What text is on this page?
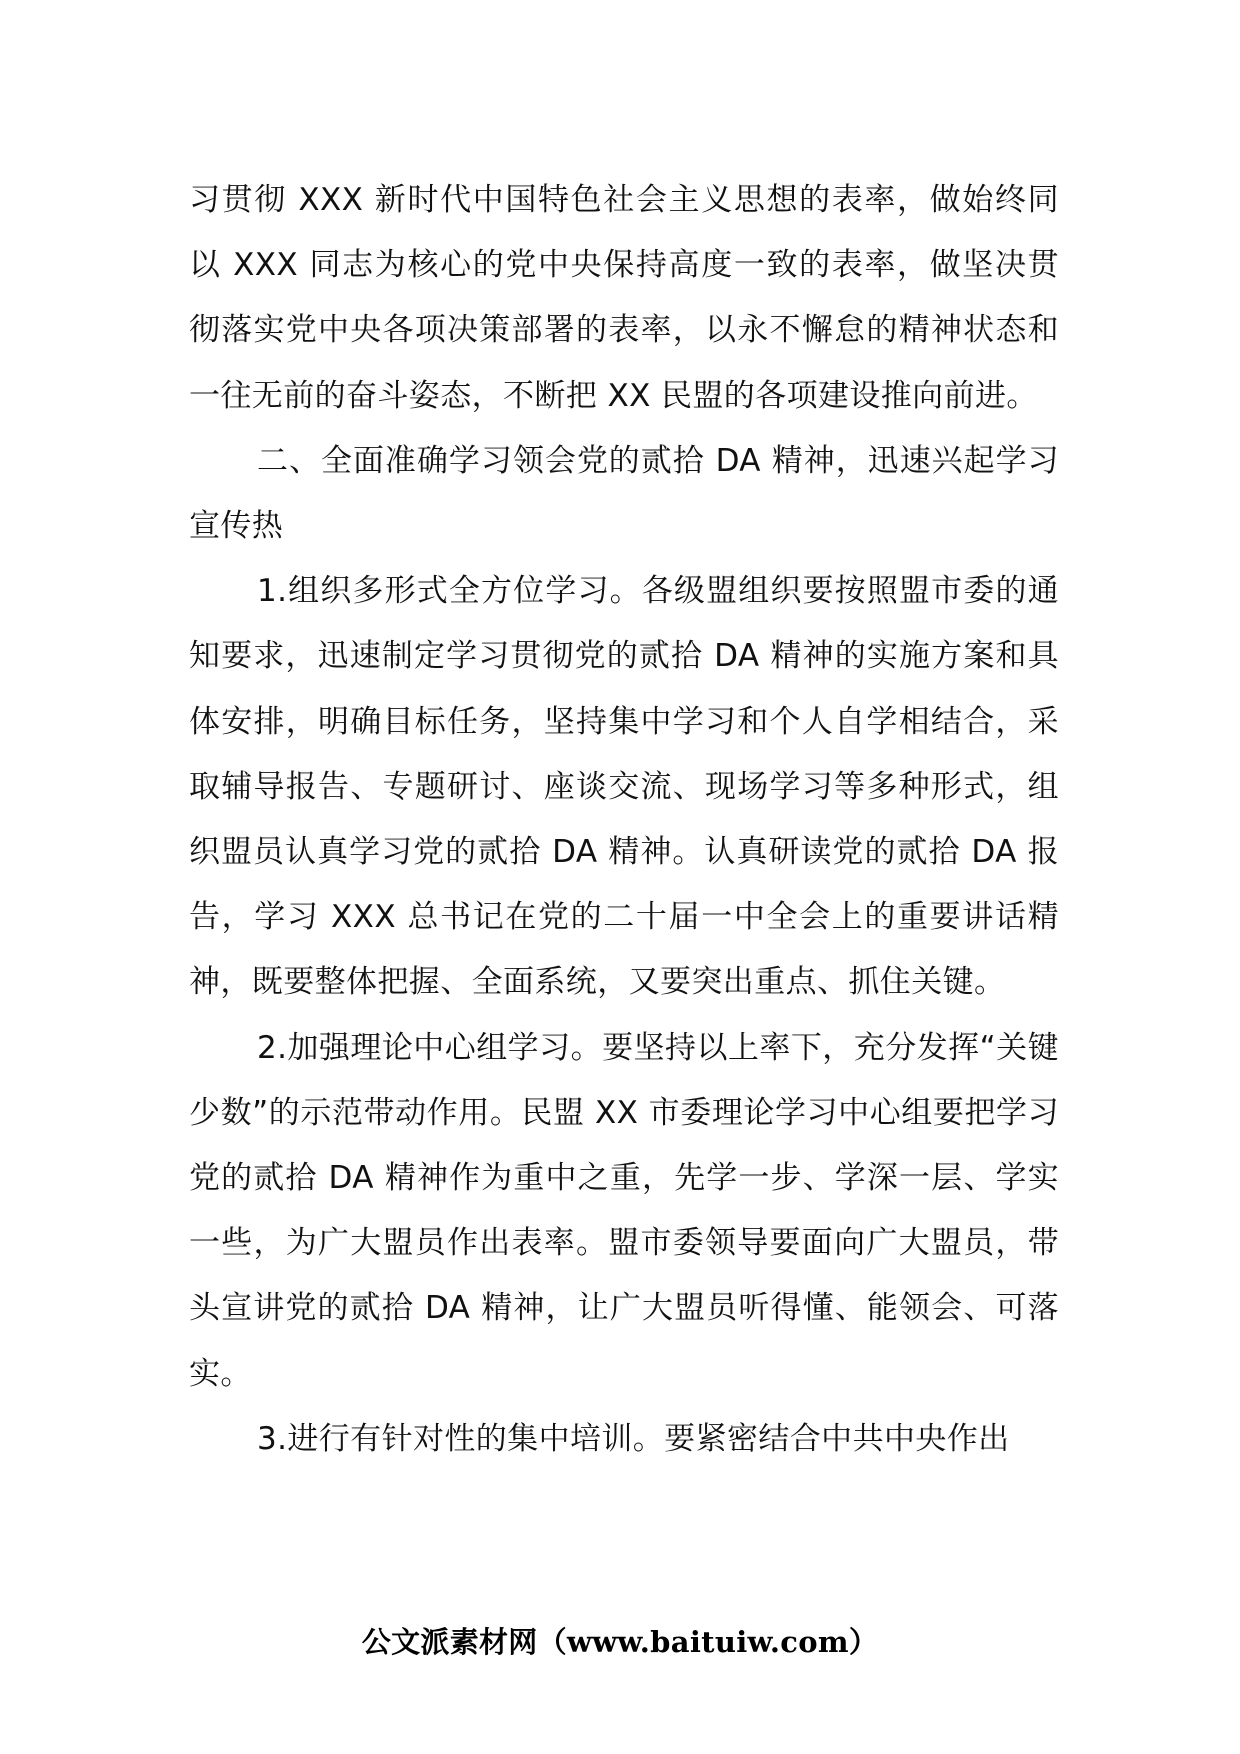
习贯彻 XXX 新时代中国特色社会主义思想的表率，做始终同以 XXX 同志为核心的党中央保持高度一致的表率，做坚决贯彻落实党中央各项决策部署的表率，以永不懈怠的精神状态和一往无前的奋斗姿态，不断把 XX 民盟的各项建设推向前进。

二、全面准确学习领会党的贰拾 DA 精神，迅速兴起学习宣传热

1.组织多形式全方位学习。各级盟组织要按照盟市委的通知要求，迅速制定学习贯彻党的贰拾 DA 精神的实施方案和具体安排，明确目标任务，坚持集中学习和个人自学相结合，采取辅导报告、专题研讨、座谈交流、现场学习等多种形式，组织盟员认真学习党的贰拾 DA 精神。认真研读党的贰拾 DA 报告，学习 XXX 总书记在党的二十届一中全会上的重要讲话精神，既要整体把握、全面系统，又要突出重点、抓住关键。

2.加强理论中心组学习。要坚持以上率下，充分发挥“关键少数”的示范带动作用。民盟 XX 市委理论学习中心组要把学习党的贰拾 DA 精神作为重中之重，先学一步、学深一层、学实一些，为广大盟员作出表率。盟市委领导要面向广大盟员，带头宣讲党的贰拾 DA 精神，让广大盟员听得懂、能领会、可落实。

3.进行有针对性的集中培训。要紧密结合中共中央作出

公文派素材网（www.baituiw.com）
